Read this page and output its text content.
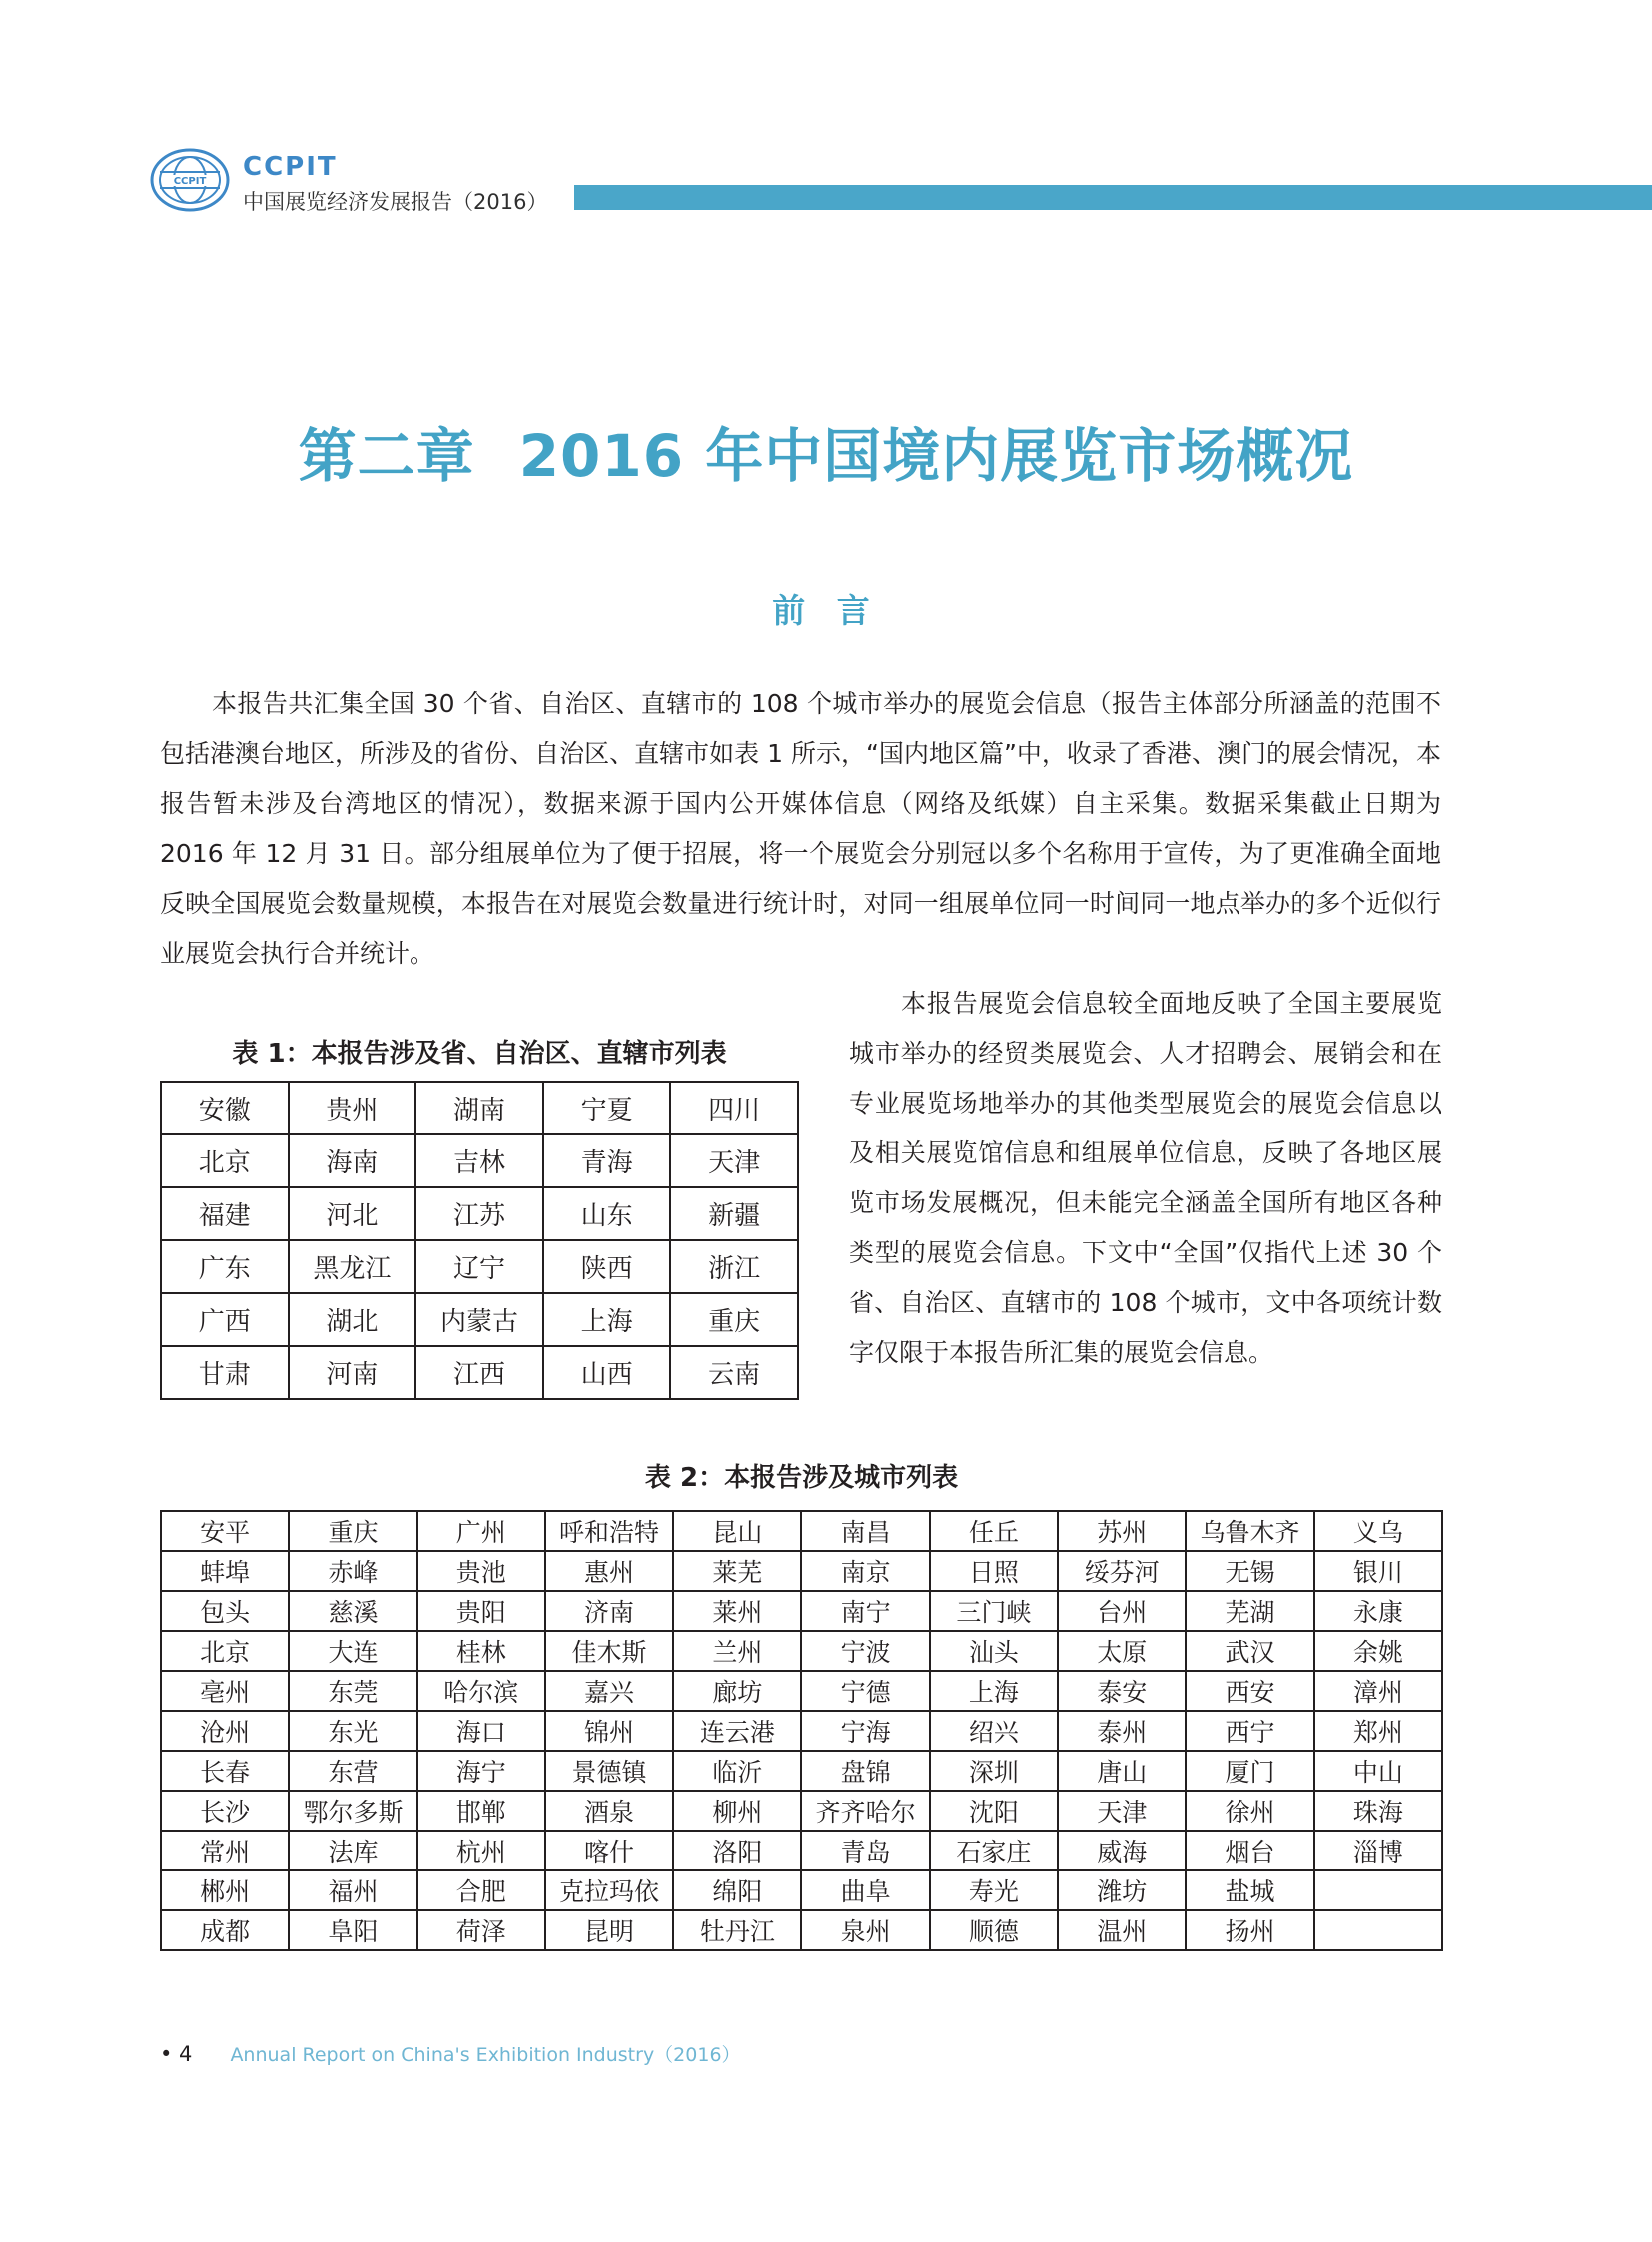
CCPIT CCPIT
中国展览经济发展报告（2016）
第二章 2016 年中国境内展览市场概况
前 言
本报告共汇集全国 30 个省、自治区、直辖市的 108 个城市举办的展览会信息（报告主体部分所涵盖的范围不包括港澳台地区，所涉及的省份、自治区、直辖市如表 1 所示，“国内地区篇”中，收录了香港、澳门的展会情况，本报告暂未涉及台湾地区的情况），数据来源于国内公开媒体信息（网络及纸媒）自主采集。数据采集截止日期为 2016 年 12 月 31 日。部分组展单位为了便于招展，将一个展览会分别冠以多个名称用于宣传，为了更准确全面地反映全国展览会数量规模，本报告在对展览会数量进行统计时，对同一组展单位同一时间同一地点举办的多个近似行业展览会执行合并统计。
表 1：本报告涉及省、自治区、直辖市列表
安徽	贵州	湖南	宁夏	四川
北京	海南	吉林	青海	天津
福建	河北	江苏	山东	新疆
广东	黑龙江	辽宁	陕西	浙江
广西	湖北	内蒙古	上海	重庆
甘肃	河南	江西	山西	云南
本报告展览会信息较全面地反映了全国主要展览城市举办的经贸类展览会、人才招聘会、展销会和在专业展览场地举办的其他类型展览会的展览会信息以及相关展览馆信息和组展单位信息，反映了各地区展览市场发展概况，但未能完全涵盖全国所有地区各种类型的展览会信息。下文中“全国”仅指代上述 30 个省、自治区、直辖市的 108 个城市，文中各项统计数字仅限于本报告所汇集的展览会信息。
表 2：本报告涉及城市列表
安平	重庆	广州	呼和浩特	昆山	南昌	任丘	苏州	乌鲁木齐	义乌
蚌埠	赤峰	贵池	惠州	莱芜	南京	日照	绥芬河	无锡	银川
包头	慈溪	贵阳	济南	莱州	南宁	三门峡	台州	芜湖	永康
北京	大连	桂林	佳木斯	兰州	宁波	汕头	太原	武汉	余姚
亳州	东莞	哈尔滨	嘉兴	廊坊	宁德	上海	泰安	西安	漳州
沧州	东光	海口	锦州	连云港	宁海	绍兴	泰州	西宁	郑州
长春	东营	海宁	景德镇	临沂	盘锦	深圳	唐山	厦门	中山
长沙	鄂尔多斯	邯郸	酒泉	柳州	齐齐哈尔	沈阳	天津	徐州	珠海
常州	法库	杭州	喀什	洛阳	青岛	石家庄	威海	烟台	淄博
郴州	福州	合肥	克拉玛依	绵阳	曲阜	寿光	潍坊	盐城	
成都	阜阳	荷泽	昆明	牡丹江	泉州	顺德	温州	扬州	
• 4 Annual Report on China's Exhibition Industry（2016）
